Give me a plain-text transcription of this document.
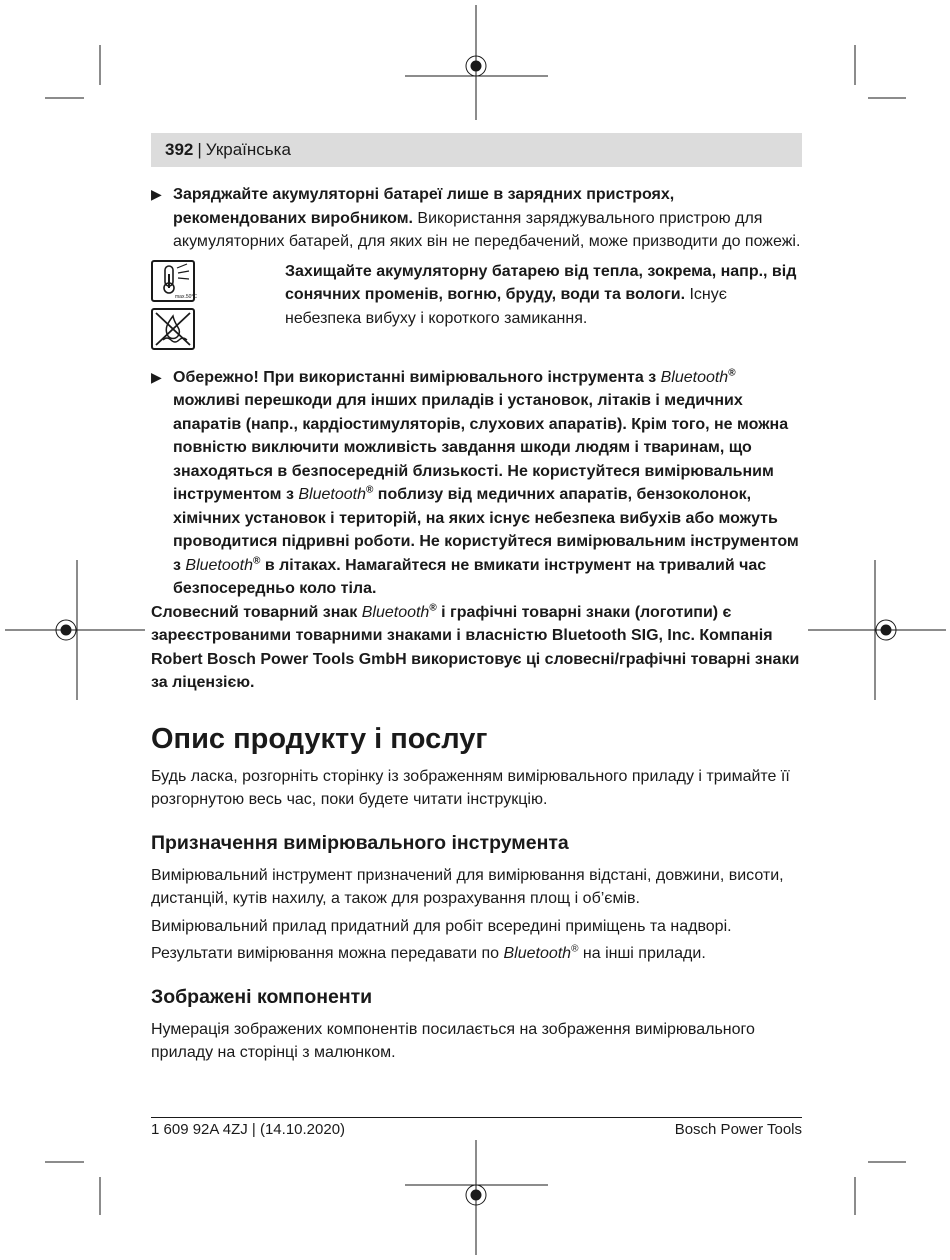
392 | Українська
▶ Заряджайте акумуляторні батареї лише в зарядних пристроях, рекомендованих виробником. Використання заряджувального пристрою для акумуляторних батарей, для яких він не передбачений, може призводити до пожежі.
max.50°C
Захищайте акумуляторну батарею від тепла, зокрема, напр., від сонячних променів, вогню, бруду, води та вологи. Існує небезпека вибуху і короткого замикання.
▶ Обережно! При використанні вимірювального інструмента з Bluetooth® можливі перешкоди для інших приладів і установок, літаків і медичних апаратів (напр., кардіостимуляторів, слухових апаратів). Крім того, не можна повністю виключити можливість завдання шкоди людям і тваринам, що знаходяться в безпосередній близькості. Не користуйтеся вимірювальним інструментом з Bluetooth® поблизу від медичних апаратів, бензоколонок, хімічних установок і територій, на яких існує небезпека вибухів або можуть проводитися підривні роботи. Не користуйтеся вимірювальним інструментом з Bluetooth® в літаках. Намагайтеся не вмикати інструмент на тривалий час безпосередньо коло тіла.
Словесний товарний знак Bluetooth® і графічні товарні знаки (логотипи) є зареєстрованими товарними знаками і власністю Bluetooth SIG, Inc. Компанія Robert Bosch Power Tools GmbH використовує ці словесні/графічні товарні знаки за ліцензією.
Опис продукту і послуг

Будь ласка, розгорніть сторінку із зображенням вимірювального приладу і тримайте її розгорнутою весь час, поки будете читати інструкцію.

Призначення вимірювального інструмента

Вимірювальний інструмент призначений для вимірювання відстані, довжини, висоти, дистанцій, кутів нахилу, а також для розрахування площ і об’ємів.

Вимірювальний прилад придатний для робіт всередині приміщень та надворі.

Результати вимірювання можна передавати по Bluetooth® на інші прилади.

Зображені компоненти

Нумерація зображених компонентів посилається на зображення вимірювального приладу на сторінці з малюнком.

1 609 92A 4ZJ | (14.10.2020)	Bosch Power Tools
